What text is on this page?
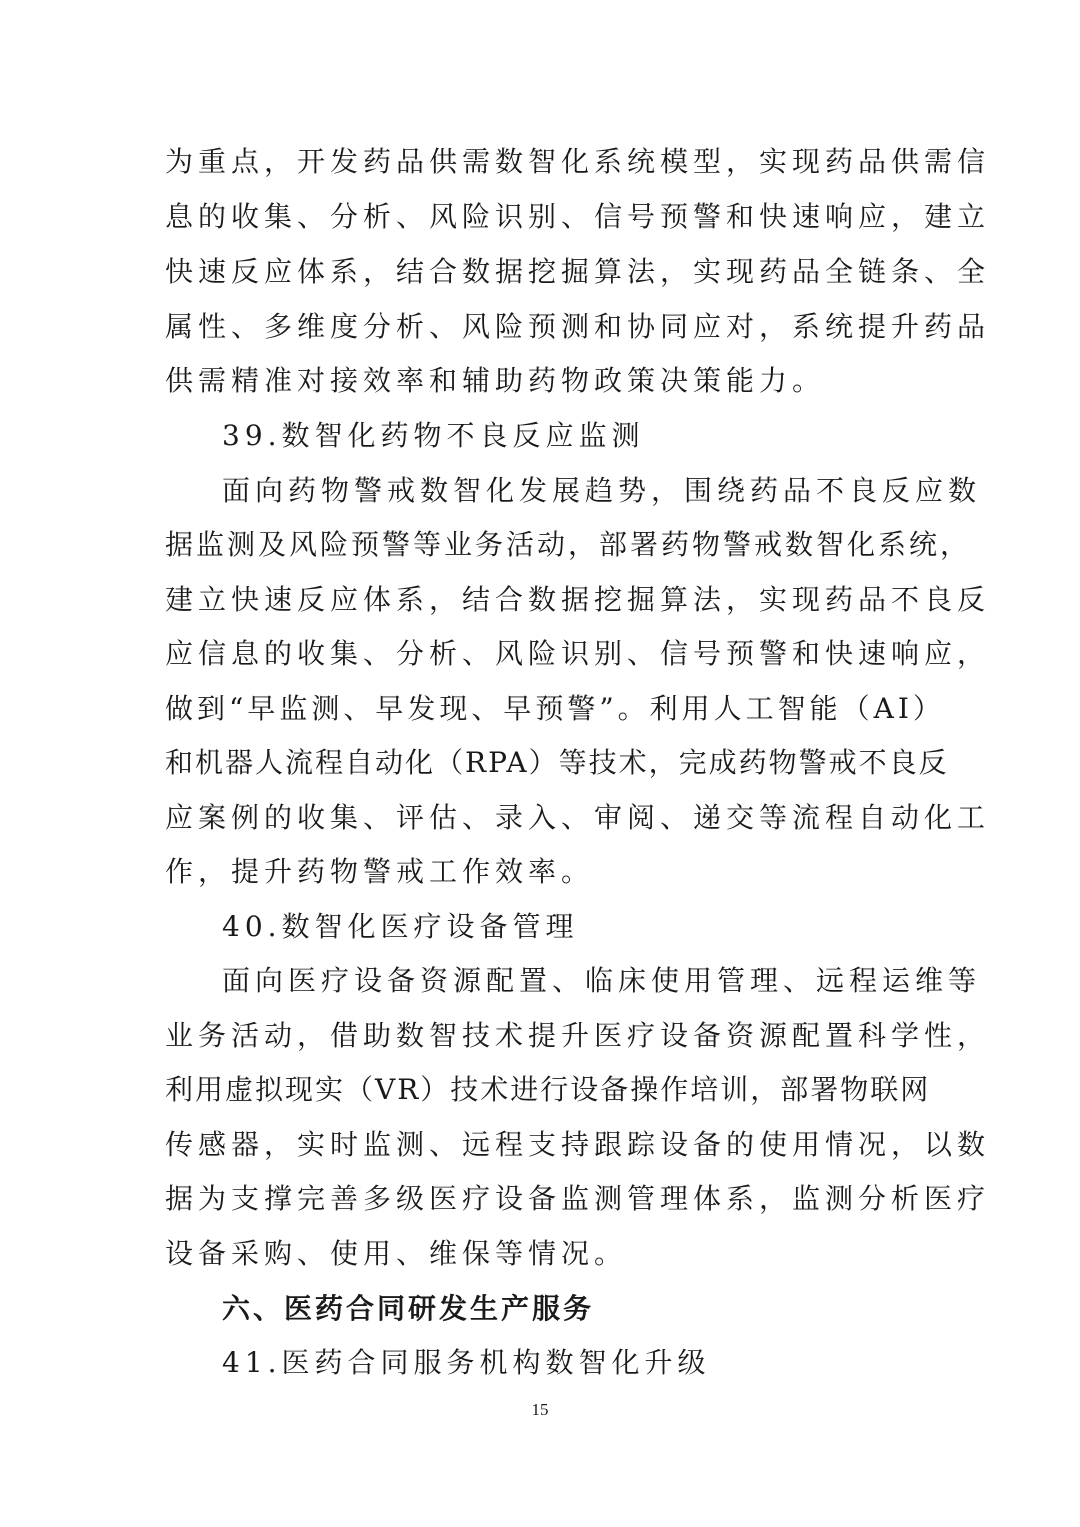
为重点，开发药品供需数智化系统模型，实现药品供需信
息的收集、分析、风险识别、信号预警和快速响应，建立
快速反应体系，结合数据挖掘算法，实现药品全链条、全
属性、多维度分析、风险预测和协同应对，系统提升药品
供需精准对接效率和辅助药物政策决策能力。
39.数智化药物不良反应监测
面向药物警戒数智化发展趋势，围绕药品不良反应数
据监测及风险预警等业务活动，部署药物警戒数智化系统，
建立快速反应体系，结合数据挖掘算法，实现药品不良反
应信息的收集、分析、风险识别、信号预警和快速响应，
做到“早监测、早发现、早预警”。利用人工智能（AI）
和机器人流程自动化（RPA）等技术，完成药物警戒不良反
应案例的收集、评估、录入、审阅、递交等流程自动化工
作，提升药物警戒工作效率。
40.数智化医疗设备管理
面向医疗设备资源配置、临床使用管理、远程运维等
业务活动，借助数智技术提升医疗设备资源配置科学性，
利用虚拟现实（VR）技术进行设备操作培训，部署物联网
传感器，实时监测、远程支持跟踪设备的使用情况，以数
据为支撑完善多级医疗设备监测管理体系，监测分析医疗
设备采购、使用、维保等情况。
六、医药合同研发生产服务
41.医药合同服务机构数智化升级
15
